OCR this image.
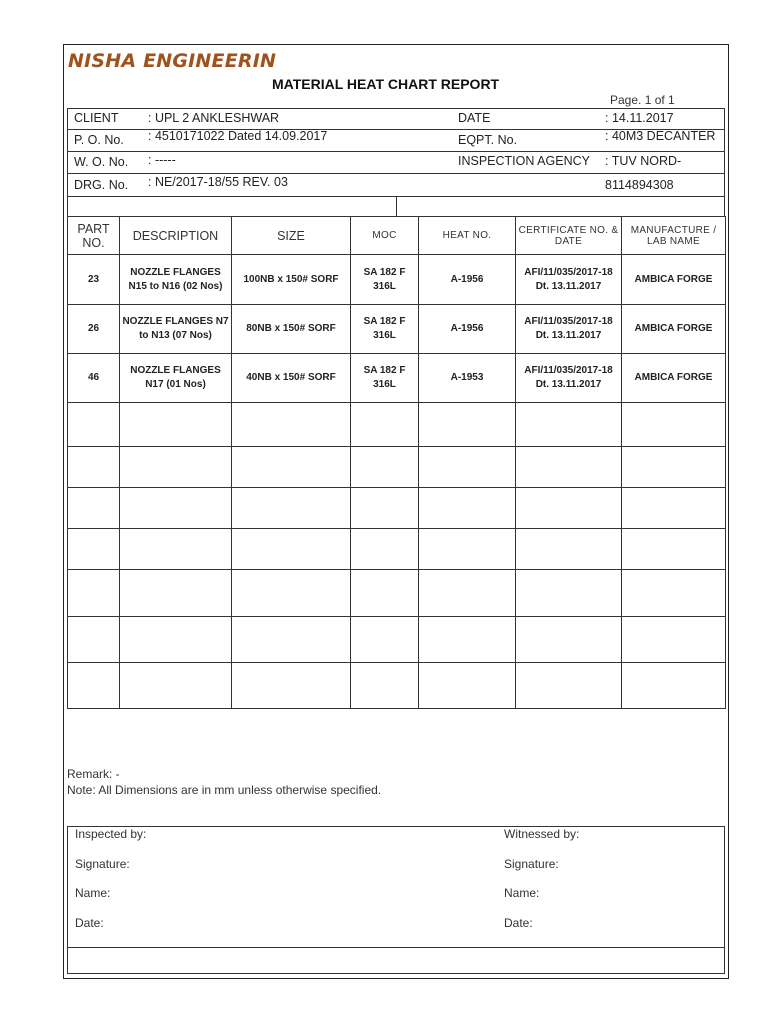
NISHA ENGINEERIN
MATERIAL HEAT CHART REPORT
Page. 1 of 1
CLIENT : UPL 2 ANKLESHWAR	DATE	: 14.11.2017
P. O. No. : 4510171022 Dated 14.09.2017	EQPT. No.	: 40M3 DECANTER
W. O. No. : -----	INSPECTION AGENCY : TUV NORD-
DRG. No. : NE/2017-18/55 REV. 03	8114894308
PART NO.	DESCRIPTION	SIZE	MOC	HEAT NO.	CERTIFICATE NO. & DATE	MANUFACTURE / LAB NAME
23	NOZZLE FLANGES N15 to N16 (02 Nos)	100NB x 150# SORF	SA 182 F 316L	A-1956	AFI/11/035/2017-18 Dt. 13.11.2017	AMBICA FORGE
26	NOZZLE FLANGES N7 to N13 (07 Nos)	80NB x 150# SORF	SA 182 F 316L	A-1956	AFI/11/035/2017-18 Dt. 13.11.2017	AMBICA FORGE
46	NOZZLE FLANGES N17 (01 Nos)	40NB x 150# SORF	SA 182 F 316L	A-1953	AFI/11/035/2017-18 Dt. 13.11.2017	AMBICA FORGE

Remark: -
Note: All Dimensions are in mm unless otherwise specified.
Inspected by:	Witnessed by:
Signature:	Signature:
Name:	Name:
Date:	Date:
